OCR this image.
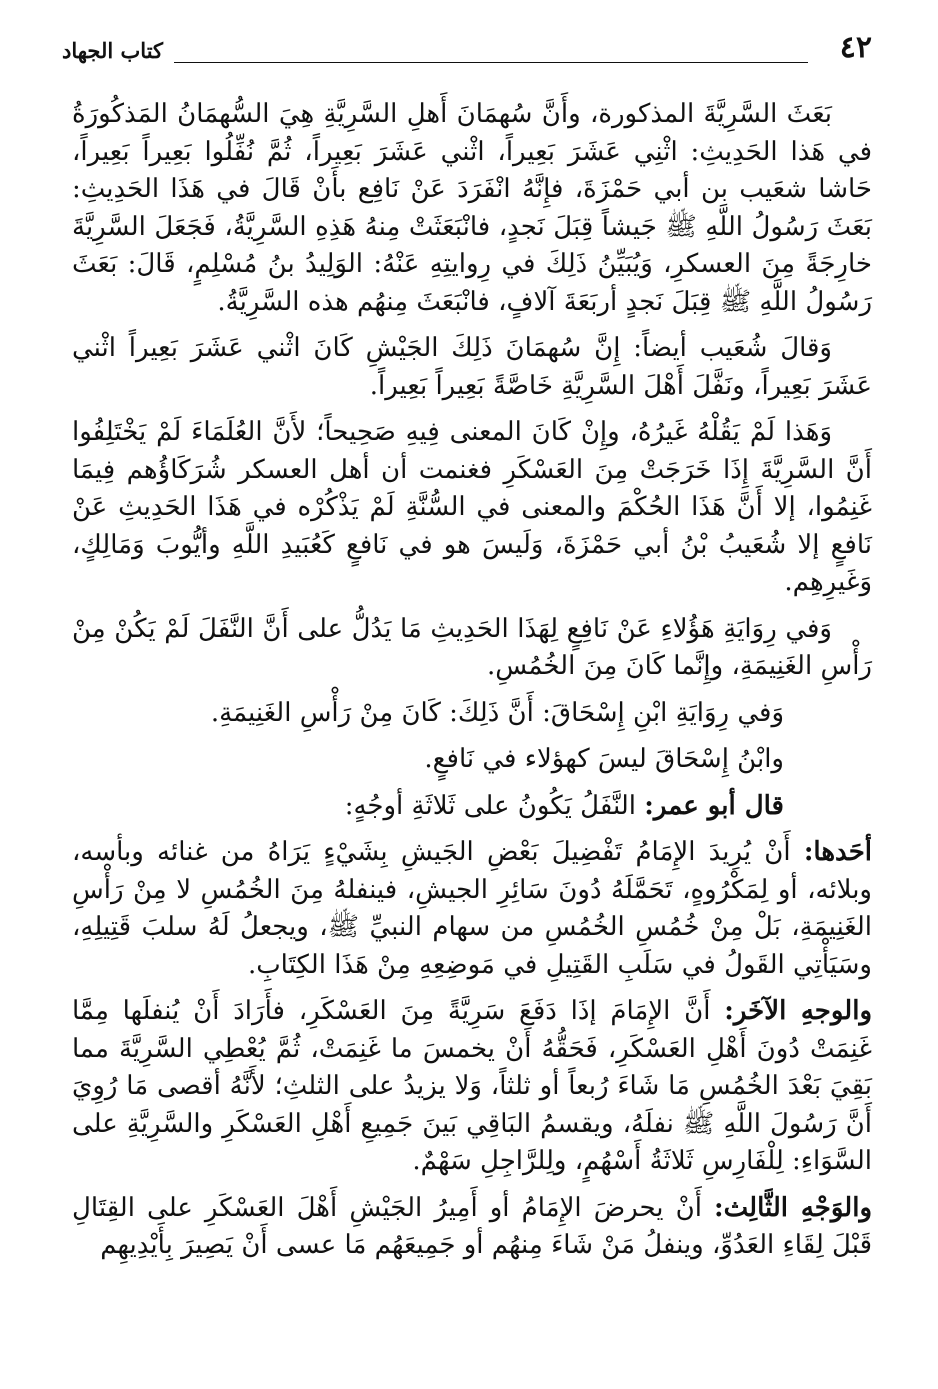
٤٢
كتاب الجهاد

بَعَثَ السَّرِيَّةَ المذكورة، وأَنَّ سُهمَانَ أَهلِ السَّرِيَّةِ هِيَ السُّهمَانُ المَذكُورَةُ في هَذا الحَدِيثِ: اثْنِي عَشَرَ بَعِيراً، اثْني عَشَرَ بَعِيراً، ثُمَّ نُفِّلُوا بَعِيراً بَعِيراً، حَاشا شعَيب بن أبي حَمْزَةَ، فإِنَّهُ انْفَرَدَ عَنْ نَافِع بأَنْ قَالَ في هَذَا الحَدِيثِ: بَعَثَ رَسُولُ اللَّهِ ﷺ جَيشاً قِبَلَ نَجدٍ، فانْبَعَثَتْ مِنهُ هَذِهِ السَّرِيَّةُ، فَجَعَلَ السَّرِيَّةَ خارِجَةً مِنَ العسكرِ، وَيُبَيِّنُ ذَلِكَ في رِوايتِهِ عَنْهُ: الوَلِيدُ بنُ مُسْلِمٍ، قَالَ: بَعَثَ رَسُولُ اللَّهِ ﷺ قِبَلَ نَجدٍ أربَعَةَ آلافٍ، فانْبَعَثَ مِنهُم هذه السَّرِيَّةُ.

وَقالَ شُعَيب أيضاً: إِنَّ سُهمَانَ ذَلِكَ الجَيْشِ كَانَ اثْني عَشَرَ بَعِيراً اثْني عَشَرَ بَعِيراً، ونَفَّلَ أَهْلَ السَّرِيَّةِ خَاصَّةً بَعِيراً بَعِيراً.

وَهَذا لَمْ يَقُلْهُ غَيرُهُ، وإِنْ كَانَ المعنى فِيهِ صَحِيحاً؛ لأَنَّ العُلَمَاءَ لَمْ يَخْتَلِفُوا أَنَّ السَّرِيَّةَ إِذَا خَرَجَتْ مِنَ العَسْكَرِ فغنمت أن أهل العسكر شُرَكَاؤُهم فِيمَا غَنِمُوا، إلا أَنَّ هَذَا الحُكْمَ والمعنى في السُّنَّةِ لَمْ يَذْكُرْه في هَذَا الحَدِيثِ عَنْ نَافعٍ إلا شُعَيبُ بْنُ أبي حَمْزَةَ، وَلَيسَ هو في نَافعٍ كَعُبَيدِ اللَّهِ وأيُّوبَ وَمَالِكٍ، وَغَيرِهِم.

وَفي رِوَايَةِ هَؤُلاءِ عَنْ نَافِعٍ لِهَذَا الحَدِيثِ مَا يَدُلُّ على أَنَّ النَّفَلَ لَمْ يَكُنْ مِنْ رَأْسِ الغَنِيمَةِ، وإِنَّما كَانَ مِنَ الخُمُسِ.

وَفي رِوَايَةِ ابْنِ إِسْحَاقَ: أَنَّ ذَلِكَ: كَانَ مِنْ رَأْسِ الغَنِيمَةِ.

وابْنُ إِسْحَاقَ ليسَ كهؤلاء في نَافعٍ.

قال أبو عمر: النَّفَلُ يَكُونُ على ثَلاثَةِ أوجُهٍ:

أحَدها: أَنْ يُرِيدَ الإِمَامُ تَفْضِيلَ بَعْضِ الجَيشِ بِشَيْءٍ يَرَاهُ من غنائه وبأسه، وبلائه، أو لِمَكْرُوهٍ، تَحَمَّلَهُ دُونَ سَائِرِ الجيشِ، فينفلهُ مِنَ الخُمُسِ لا مِنْ رَأْسِ الغَنِيمَةِ، بَلْ مِنْ خُمُسِ الخُمُسِ من سهام النبيِّ ﷺ، ويجعلُ لَهُ سلبَ قَتِيلِهِ، وسَيَأْتِي القَولُ في سَلَبِ القَتِيلِ في مَوضِعِهِ مِنْ هَذَا الكِتَابِ.

والوجهِ الآخَر: أَنَّ الإِمَامَ إذَا دَفَعَ سَرِيَّةً مِنَ العَسْكَرِ، فأَرَادَ أَنْ يُنفلَها مِمَّا غَنِمَتْ دُونَ أَهْلِ العَسْكَرِ، فَحَقُّهُ أَنْ يخمسَ ما غَنِمَتْ، ثُمَّ يُعْطِي السَّرِيَّةَ مما بَقِيَ بَعْدَ الخُمُسِ مَا شَاءَ رُبعاً أو ثلثاً، وَلا يزيدُ على الثلثِ؛ لأَنَّهُ أقصى مَا رُوِيَ أَنَّ رَسُولَ اللَّهِ ﷺ نفلَهُ، ويقسمُ البَاقِي بَينَ جَمِيعِ أَهْلِ العَسْكَرِ والسَّرِيَّةِ على السَّوَاءِ: لِلْفَارِسِ ثَلاثَةُ أَسْهُمٍ، ولِلرَّاجِلِ سَهْمٌ.

والوَجْهِ الثَّالِث: أَنْ يحرضَ الإِمَامُ أو أَمِيرُ الجَيْشِ أَهْلَ العَسْكَرِ على القِتَالِ قَبْلَ لِقَاءِ العَدُوِّ، وينفلُ مَنْ شَاءَ مِنهُم أو جَمِيعَهُم مَا عسى أَنْ يَصِيرَ بِأَيْدِيهِم
